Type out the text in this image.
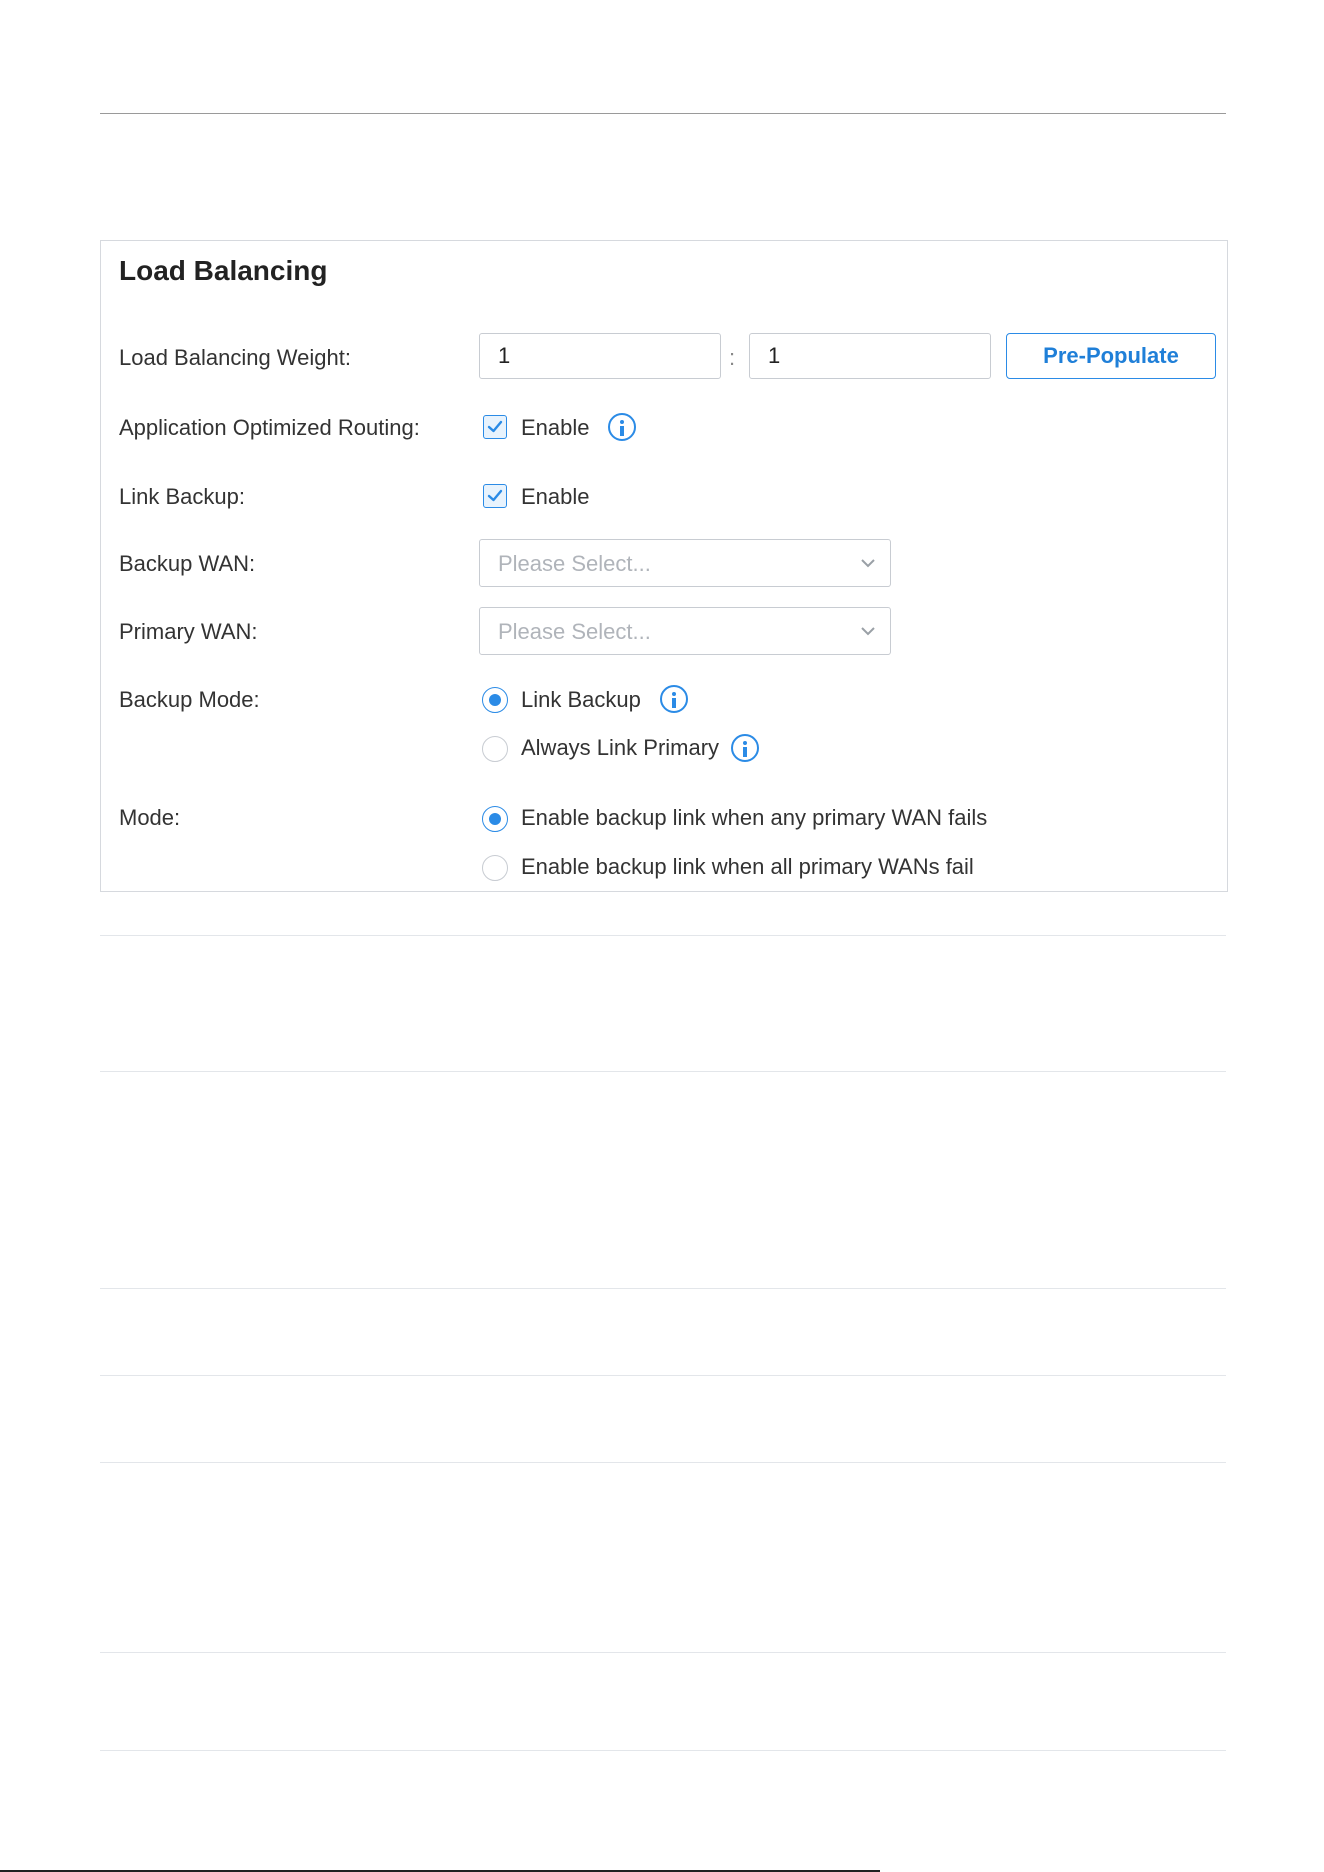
Load Balancing
Load Balancing Weight:	1	:	1	Pre-Populate
Application Optimized Routing:	Enable
Link Backup:	Enable
Backup WAN:	Please Select...
Primary WAN:	Please Select...
Backup Mode:	Link Backup
Always Link Primary
Mode:	Enable backup link when any primary WAN fails
Enable backup link when all primary WANs fail
